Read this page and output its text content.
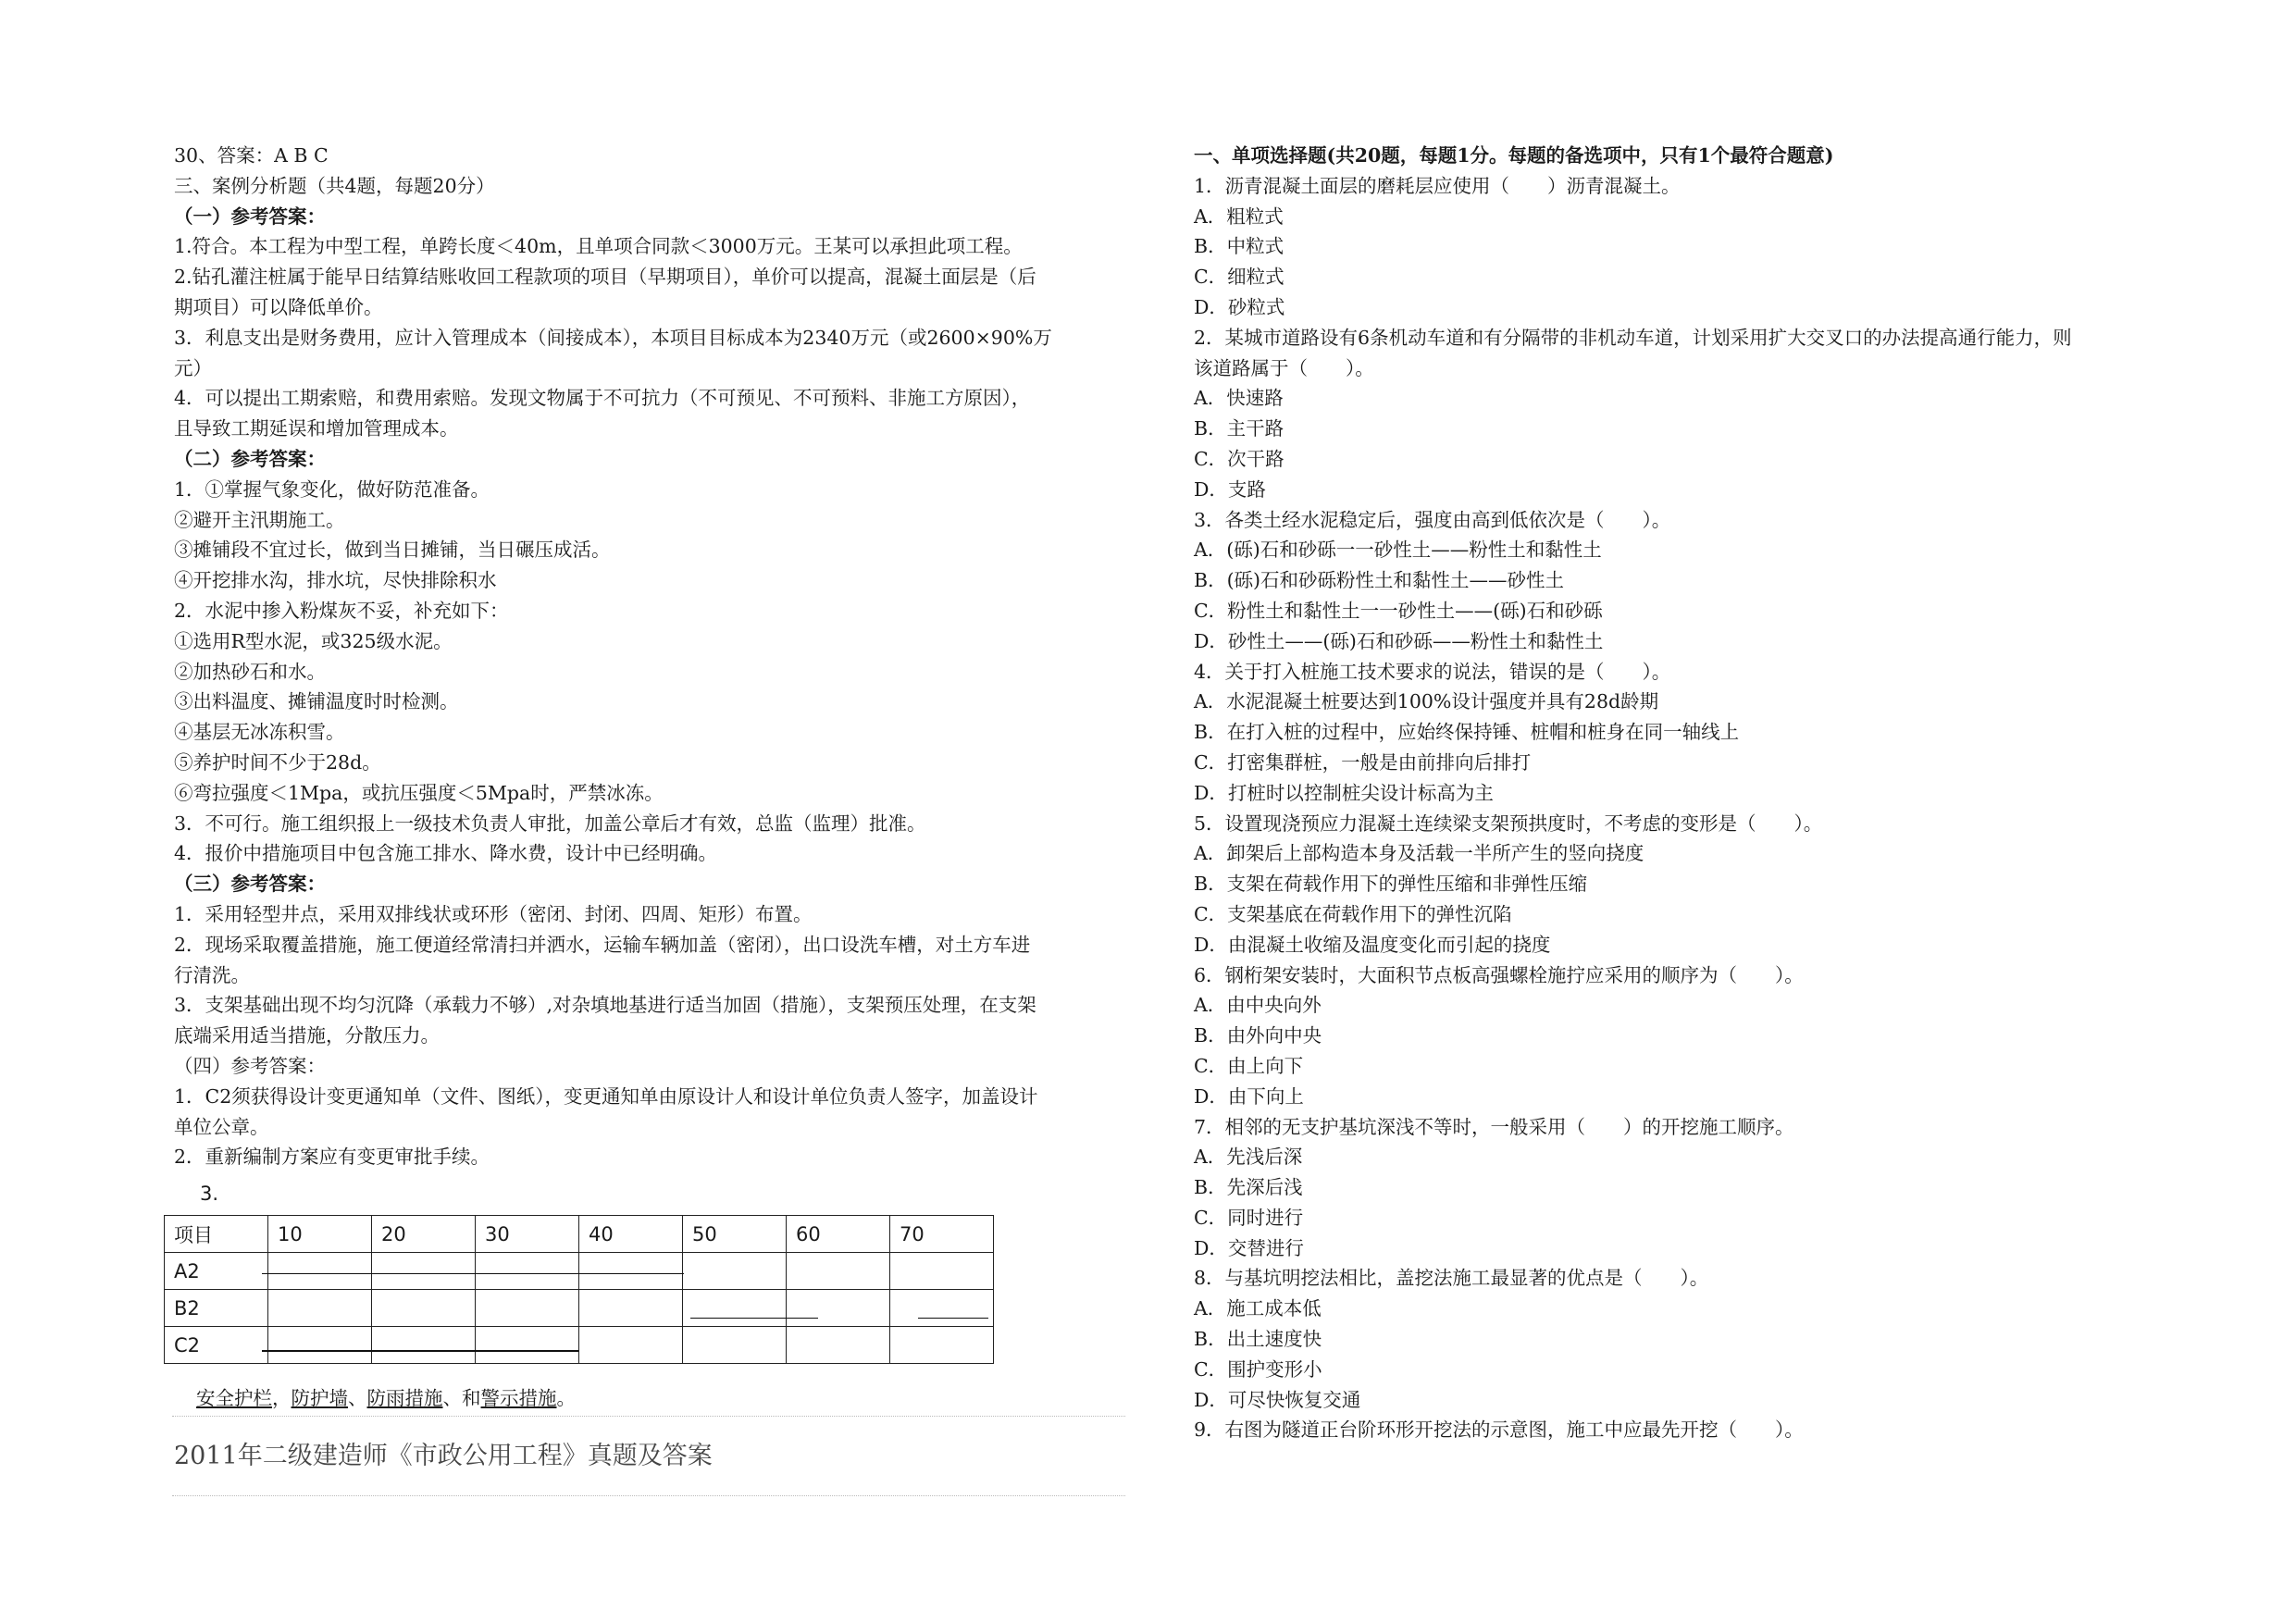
30、答案：A B C
三、案例分析题（共4题，每题20分）
（一）参考答案：
1.符合。本工程为中型工程，单跨长度＜40m，且单项合同款＜3000万元。王某可以承担此项工程。
2.钻孔灌注桩属于能早日结算结账收回工程款项的项目（早期项目），单价可以提高，混凝土面层是（后
期项目）可以降低单价。
3．利息支出是财务费用，应计入管理成本（间接成本），本项目目标成本为2340万元（或2600×90%万
元）
4．可以提出工期索赔，和费用索赔。发现文物属于不可抗力（不可预见、不可预料、非施工方原因），
且导致工期延误和增加管理成本。
（二）参考答案：
1．①掌握气象变化，做好防范准备。
②避开主汛期施工。
③摊铺段不宜过长，做到当日摊铺，当日碾压成活。
④开挖排水沟，排水坑，尽快排除积水
2．水泥中掺入粉煤灰不妥，补充如下：
①选用R型水泥，或325级水泥。
②加热砂石和水。
③出料温度、摊铺温度时时检测。
④基层无冰冻积雪。
⑤养护时间不少于28d。
⑥弯拉强度＜1Mpa，或抗压强度＜5Mpa时，严禁冰冻。
3．不可行。施工组织报上一级技术负责人审批，加盖公章后才有效，总监（监理）批准。
4．报价中措施项目中包含施工排水、降水费，设计中已经明确。
（三）参考答案：
1．采用轻型井点，采用双排线状或环形（密闭、封闭、四周、矩形）布置。
2．现场采取覆盖措施，施工便道经常清扫并洒水，运输车辆加盖（密闭），出口设洗车槽，对土方车进
行清洗。
3．支架基础出现不均匀沉降（承载力不够）,对杂填地基进行适当加固（措施），支架预压处理，在支架
底端采用适当措施，分散压力。
（四）参考答案：
1．C2须获得设计变更通知单（文件、图纸），变更通知单由原设计人和设计单位负责人签字，加盖设计
单位公章。
2．重新编制方案应有变更审批手续。
一、单项选择题(共20题，每题1分。每题的备选项中，只有1个最符合题意)
1．沥青混凝土面层的磨耗层应使用（　　）沥青混凝土。
A．粗粒式
B．中粒式
C．细粒式
D．砂粒式
2．某城市道路设有6条机动车道和有分隔带的非机动车道，计划采用扩大交叉口的办法提高通行能力，则
该道路属于（　　）。
A．快速路
B．主干路
C．次干路
D．支路
3．各类土经水泥稳定后，强度由高到低依次是（　　）。
A．(砾)石和砂砾一一砂性土——粉性土和黏性土
B．(砾)石和砂砾粉性土和黏性土——砂性土
C．粉性土和黏性土一一砂性土——(砾)石和砂砾
D．砂性土——(砾)石和砂砾——粉性土和黏性土
4．关于打入桩施工技术要求的说法，错误的是（　　）。
A．水泥混凝土桩要达到100%设计强度并具有28d龄期
B．在打入桩的过程中，应始终保持锤、桩帽和桩身在同一轴线上
C．打密集群桩，一般是由前排向后排打
D．打桩时以控制桩尖设计标高为主
5．设置现浇预应力混凝土连续梁支架预拱度时，不考虑的变形是（　　）。
A．卸架后上部构造本身及活载一半所产生的竖向挠度
B．支架在荷载作用下的弹性压缩和非弹性压缩
C．支架基底在荷载作用下的弹性沉陷
D．由混凝土收缩及温度变化而引起的挠度
6．钢桁架安装时，大面积节点板高强螺栓施拧应采用的顺序为（　　）。
A．由中央向外
B．由外向中央
C．由上向下
D．由下向上
7．相邻的无支护基坑深浅不等时，一般采用（　　）的开挖施工顺序。
A．先浅后深
B．先深后浅
C．同时进行
D．交替进行
8．与基坑明挖法相比，盖挖法施工最显著的优点是（　　）。
A．施工成本低
B．出土速度快
C．围护变形小
D．可尽快恢复交通
9．右图为隧道正台阶环形开挖法的示意图，施工中应最先开挖（　　）。
3.
项目	10	20	30	40	50	60	70
A2							
B2							
C2							
安全护栏，防护墙、防雨措施、和警示措施。
2011年二级建造师《市政公用工程》真题及答案
